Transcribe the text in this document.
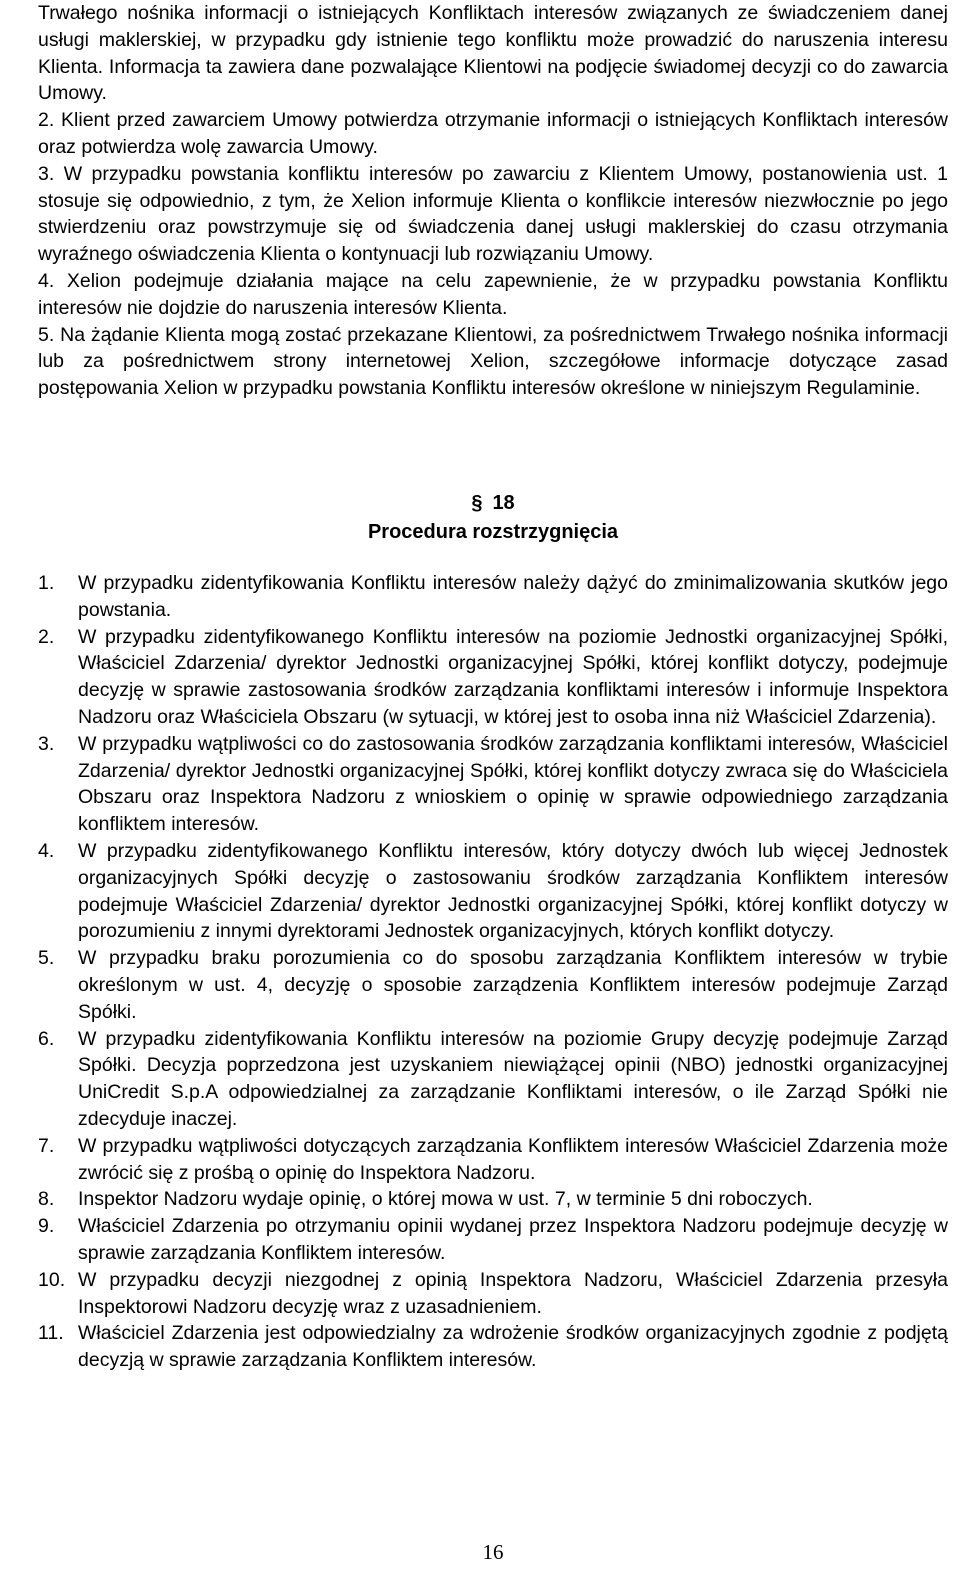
Trwałego nośnika informacji o istniejących Konfliktach interesów związanych ze świadczeniem danej usługi maklerskiej, w przypadku gdy istnienie tego konfliktu może prowadzić do naruszenia interesu Klienta. Informacja ta zawiera dane pozwalające Klientowi na podjęcie świadomej decyzji co do zawarcia Umowy.

2. Klient przed zawarciem Umowy potwierdza otrzymanie informacji o istniejących Konfliktach interesów oraz potwierdza wolę zawarcia Umowy.
3. W przypadku powstania konfliktu interesów po zawarciu z Klientem Umowy, postanowienia ust. 1 stosuje się odpowiednio, z tym, że Xelion informuje Klienta o konflikcie interesów niezwłocznie po jego stwierdzeniu oraz powstrzymuje się od świadczenia danej usługi maklerskiej do czasu otrzymania wyraźnego oświadczenia Klienta o kontynuacji lub rozwiązaniu Umowy.
4. Xelion podejmuje działania mające na celu zapewnienie, że w przypadku powstania Konfliktu interesów nie dojdzie do naruszenia interesów Klienta.
5. Na żądanie Klienta mogą zostać przekazane Klientowi, za pośrednictwem Trwałego nośnika informacji lub za pośrednictwem strony internetowej Xelion, szczegółowe informacje dotyczące zasad postępowania Xelion w przypadku powstania Konfliktu interesów określone w niniejszym Regulaminie.
§ 18
Procedura rozstrzygnięcia
1.	W przypadku zidentyfikowania Konfliktu interesów należy dążyć do zminimalizowania skutków jego powstania.
2.	W przypadku zidentyfikowanego Konfliktu interesów na poziomie Jednostki organizacyjnej Spółki, Właściciel Zdarzenia/ dyrektor Jednostki organizacyjnej Spółki, której konflikt dotyczy, podejmuje decyzję w sprawie zastosowania środków zarządzania konfliktami interesów i informuje Inspektora Nadzoru oraz Właściciela Obszaru (w sytuacji, w której jest to osoba inna niż Właściciel Zdarzenia).
3.	W przypadku wątpliwości co do zastosowania środków zarządzania konfliktami interesów, Właściciel Zdarzenia/ dyrektor Jednostki organizacyjnej Spółki, której konflikt dotyczy zwraca się do Właściciela Obszaru oraz Inspektora Nadzoru z wnioskiem o opinię w sprawie odpowiedniego zarządzania konfliktem interesów.
4.	W przypadku zidentyfikowanego Konfliktu interesów, który dotyczy dwóch lub więcej Jednostek organizacyjnych Spółki decyzję o zastosowaniu środków zarządzania Konfliktem interesów podejmuje Właściciel Zdarzenia/ dyrektor Jednostki organizacyjnej Spółki, której konflikt dotyczy w porozumieniu z innymi dyrektorami Jednostek organizacyjnych, których konflikt dotyczy.
5.	W przypadku braku porozumienia co do sposobu zarządzania Konfliktem interesów w trybie określonym w ust. 4, decyzję o sposobie zarządzenia Konfliktem interesów podejmuje Zarząd Spółki.
6.	W przypadku zidentyfikowania Konfliktu interesów na poziomie Grupy decyzję podejmuje Zarząd Spółki. Decyzja poprzedzona jest uzyskaniem niewiążącej opinii (NBO) jednostki organizacyjnej UniCredit S.p.A odpowiedzialnej za zarządzanie Konfliktami interesów, o ile Zarząd Spółki nie zdecyduje inaczej.
7.	W przypadku wątpliwości dotyczących zarządzania Konfliktem interesów Właściciel Zdarzenia może zwrócić się z prośbą o opinię do Inspektora Nadzoru.
8.	Inspektor Nadzoru wydaje opinię, o której mowa w ust. 7, w terminie 5 dni roboczych.
9.	Właściciel Zdarzenia po otrzymaniu opinii wydanej przez Inspektora Nadzoru podejmuje decyzję w sprawie zarządzania Konfliktem interesów.
10. W przypadku decyzji niezgodnej z opinią Inspektora Nadzoru, Właściciel Zdarzenia przesyła Inspektorowi Nadzoru decyzję wraz z uzasadnieniem.
11. Właściciel Zdarzenia jest odpowiedzialny za wdrożenie środków organizacyjnych zgodnie z podjętą decyzją w sprawie zarządzania Konfliktem interesów.
16
